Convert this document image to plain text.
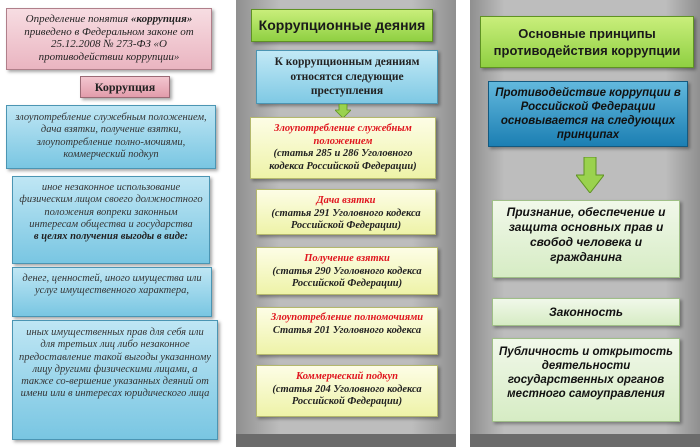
Определение понятия «коррупция» приведено в Федеральном законе от 25.12.2008 № 273-ФЗ «О противодействии коррупции»
Коррупция
злоупотребление служебным положением, дача взятки, получение взятки, злоупотребление полно-мочиями, коммерческий подкуп
иное незаконное использование физическим лицом своего должностного положения вопреки законным интересам общества и государства
в целях получения выгоды в виде:
денег, ценностей, иного имущества или услуг имущественного характера,
иных имущественных прав для себя или для третьих лиц либо незаконное предоставление такой выгоды указанному лицу другими физическими лицами, а также со-вершение указанных деяний от имени или в интересах юридического лица
Коррупционные деяния
К коррупционным деяниям относятся следующие преступления
Злоупотребление служебным положением
(статья 285 и 286 Уголовного кодекса Российской Федерации)
Дача взятки
(статья 291 Уголовного кодекса Российской Федерации)
Получение взятки
(статья 290 Уголовного кодекса Российской Федерации)
Злоупотребление полномочиями
Статья 201 Уголовного кодекса
Коммерческий подкуп
(статья 204 Уголовного кодекса Российской Федерации)
Основные принципы противодействия коррупции
Противодействие коррупции в Российской Федерации основывается на следующих принципах
Признание, обеспечение и защита основных прав и свобод человека и гражданина
Законность
Публичность и открытость деятельности государственных органов местного самоуправления
